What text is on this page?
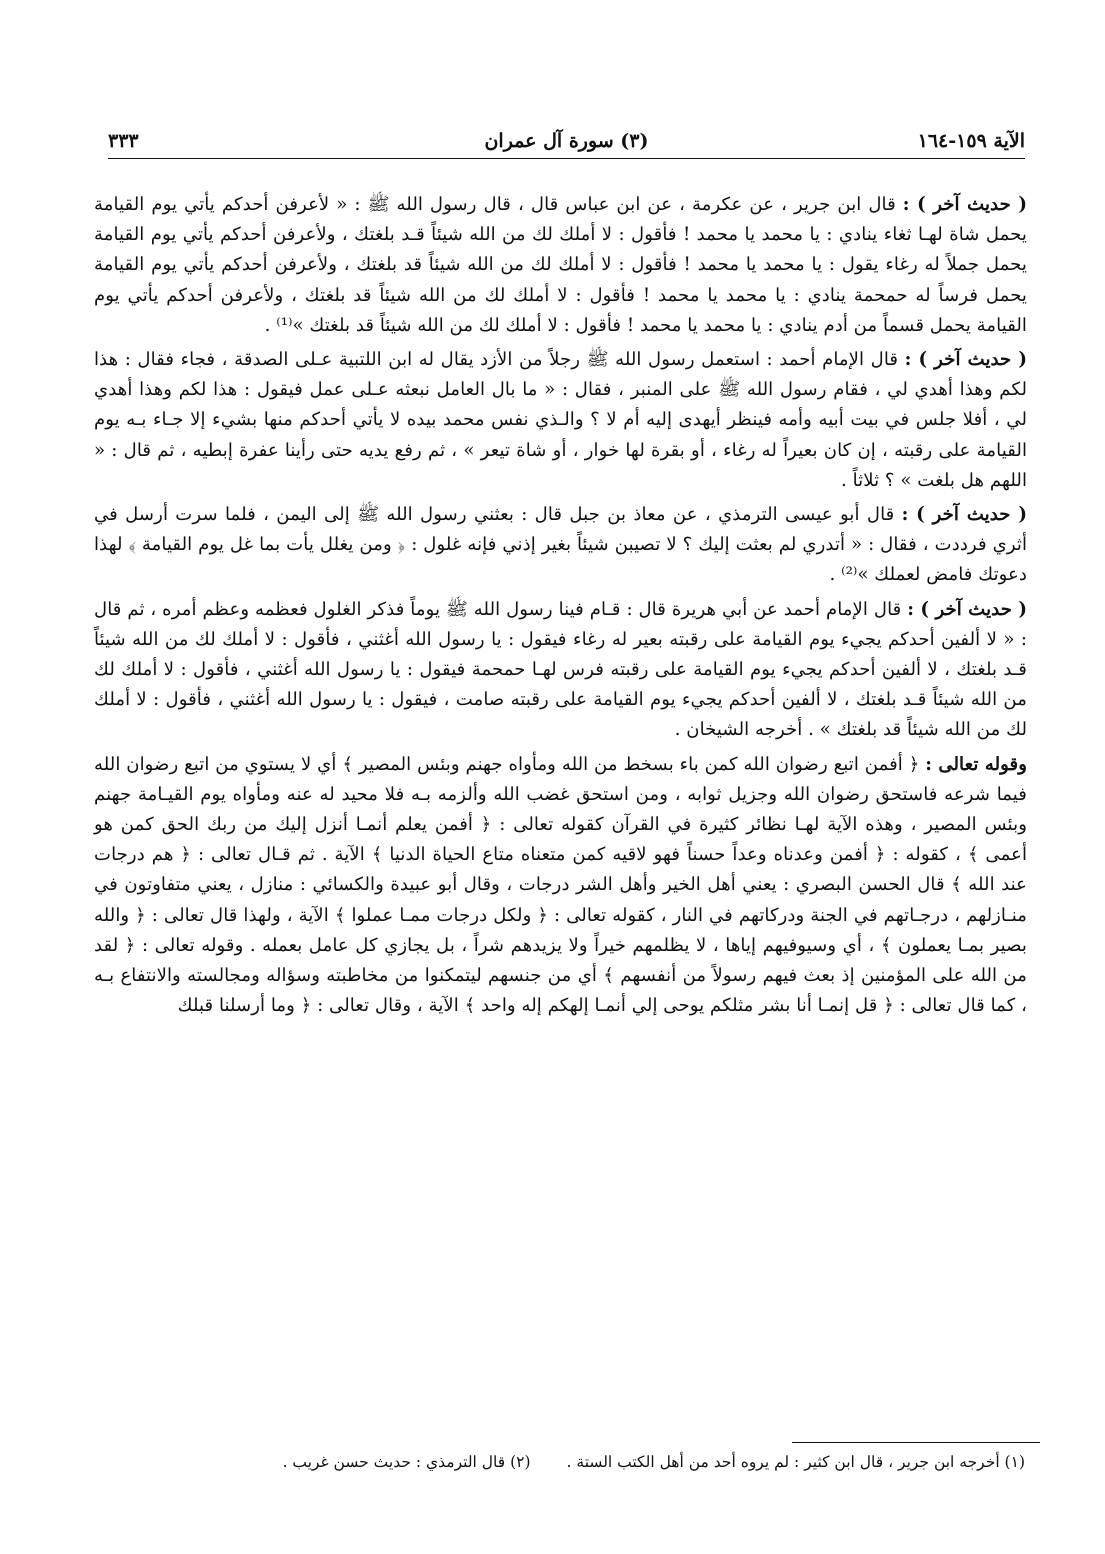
الآية ١٥٩-١٦٤
(٣) سورة آل عمران
٣٣٣

( حديث آخر ) : قال ابن جرير ، عن عكرمة ، عن ابن عباس قال ، قال رسول الله ﷺ : « لأعرفن أحدكم يأتي يوم القيامة يحمل شاة لهـا ثغاء ينادي : يا محمد يا محمد ! فأقول : لا أملك لك من الله شيئاً قـد بلغتك ، ولأعرفن أحدكم يأتي يوم القيامة يحمل جملاً له رغاء يقول : يا محمد يا محمد ! فأقول : لا أملك لك من الله شيئاً قد بلغتك ، ولأعرفن أحدكم يأتي يوم القيامة يحمل فرساً له حمحمة ينادي : يا محمد يا محمد ! فأقول : لا أملك لك من الله شيئاً قد بلغتك ، ولأعرفن أحدكم يأتي يوم القيامة يحمل قسماً من أدم ينادي : يا محمد يا محمد ! فأقول : لا أملك لك من الله شيئاً قد بلغتك »⁽¹⁾ .

( حديث آخر ) : قال الإمام أحمد : استعمل رسول الله ﷺ رجلاً من الأزد يقال له ابن اللتبية عـلى الصدقة ، فجاء فقال : هذا لكم وهذا أهدي لي ، فقام رسول الله ﷺ على المنبر ، فقال : « ما بال العامل نبعثه عـلى عمل فيقول : هذا لكم وهذا أهدي لي ، أفلا جلس في بيت أبيه وأمه فينظر أيهدى إليه أم لا ؟ والـذي نفس محمد بيده لا يأتي أحدكم منها بشيء إلا جـاء بـه يوم القيامة على رقبته ، إن كان بعيراً له رغاء ، أو بقرة لها خوار ، أو شاة تيعر » ، ثم رفع يديه حتى رأينا عفرة إبطيه ، ثم قال : « اللهم هل بلغت » ؟ ثلاثاً .

( حديث آخر ) : قال أبو عيسى الترمذي ، عن معاذ بن جبل قال : بعثني رسول الله ﷺ إلى اليمن ، فلما سرت أرسل في أثري فرددت ، فقال : « أتدري لم بعثت إليك ؟ لا تصيبن شيئاً بغير إذني فإنه غلول : ﴿ ومن يغلل يأت بما غل يوم القيامة ﴾ لهذا دعوتك فامض لعملك »⁽²⁾ .

( حديث آخر ) : قال الإمام أحمد عن أبي هريرة قال : قـام فينا رسول الله ﷺ يوماً فذكر الغلول فعظمه وعظم أمره ، ثم قال : « لا ألفين أحدكم يجيء يوم القيامة على رقبته بعير له رغاء فيقول : يا رسول الله أغثني ، فأقول : لا أملك لك من الله شيئاً قـد بلغتك ، لا ألفين أحدكم يجيء يوم القيامة على رقبته فرس لهـا حمحمة فيقول : يا رسول الله أغثني ، فأقول : لا أملك لك من الله شيئاً قـد بلغتك ، لا ألفين أحدكم يجيء يوم القيامة على رقبته صامت ، فيقول : يا رسول الله أغثني ، فأقول : لا أملك لك من الله شيئاً قد بلغتك » . أخرجه الشيخان .

وقوله تعالى : ﴿ أفمن اتبع رضوان الله كمن باء بسخط من الله ومأواه جهنم وبئس المصير ﴾ أي لا يستوي من اتبع رضوان الله فيما شرعه فاستحق رضوان الله وجزيل ثوابه ، ومن استحق غضب الله وألزمه بـه فلا محيد له عنه ومأواه يوم القيـامة جهنم وبئس المصير ، وهذه الآية لهـا نظائر كثيرة في القرآن كقوله تعالى : ﴿ أفمن يعلم أنمـا أنزل إليك من ربك الحق كمن هو أعمى ﴾ ، كقوله : ﴿ أفمن وعدناه وعداً حسناً فهو لاقيه كمن متعناه متاع الحياة الدنيا ﴾ الآية . ثم قـال تعالى : ﴿ هم درجات عند الله ﴾ قال الحسن البصري : يعني أهل الخير وأهل الشر درجات ، وقال أبو عبيدة والكسائي : منازل ، يعني متفاوتون في منـازلهم ، درجـاتهم في الجنة ودركاتهم في النار ، كقوله تعالى : ﴿ ولكل درجات ممـا عملوا ﴾ الآية ، ولهذا قال تعالى : ﴿ والله بصير بمـا يعملون ﴾ ، أي وسيوفيهم إياها ، لا يظلمهم خيراً ولا يزيدهم شراً ، بل يجازي كل عامل بعمله . وقوله تعالى : ﴿ لقد من الله على المؤمنين إذ بعث فيهم رسولاً من أنفسهم ﴾ أي من جنسهم ليتمكنوا من مخاطبته وسؤاله ومجالسته والانتفاع بـه ، كما قال تعالى : ﴿ قل إنمـا أنا بشر مثلكم يوحى إلي أنمـا إلهكم إله واحد ﴾ الآية ، وقال تعالى : ﴿ وما أرسلنا قبلك

(١) أخرجه ابن جرير ، قال ابن كثير : لم يروه أحد من أهل الكتب الستة .
(٢) قال الترمذي : حديث حسن غريب .
